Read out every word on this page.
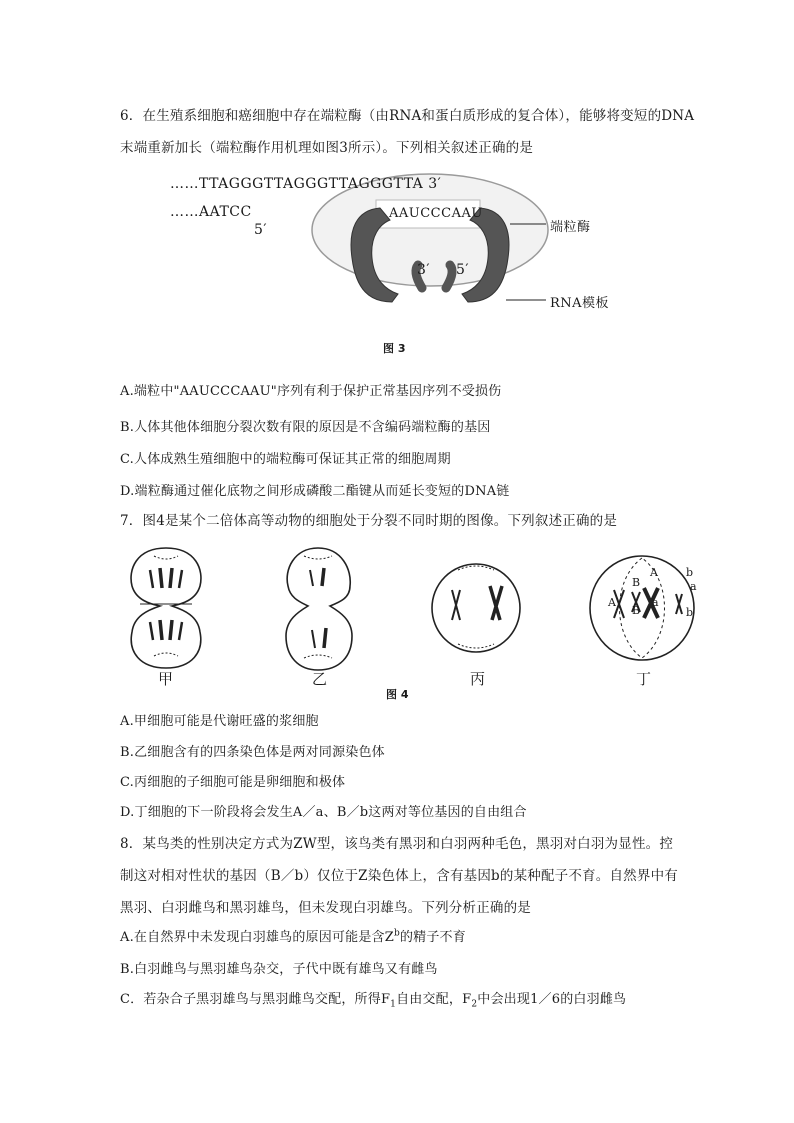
6．在生殖系细胞和癌细胞中存在端粒酶（由RNA和蛋白质形成的复合体），能够将变短的DNA
末端重新加长（端粒酶作用机理如图3所示）。下列相关叙述正确的是
……TTAGGGTTAGGGTTAGGGTTA 3′
……AATCC
5′
AAUCCCAAU
3′ 5′
端粒酶
RNA模板
图 3
A.端粒中"AAUCCCAAU"序列有利于保护正常基因序列不受损伤
B.人体其他体细胞分裂次数有限的原因是不含编码端粒酶的基因
C.人体成熟生殖细胞中的端粒酶可保证其正常的细胞周期
D.端粒酶通过催化底物之间形成磷酸二酯键从而延长变短的DNA链
7．图4是某个二倍体高等动物的细胞处于分裂不同时期的图像。下列叙述正确的是
A
B	a
A
B
a
b
b
甲	乙	丙	丁
图 4
A.甲细胞可能是代谢旺盛的浆细胞
B.乙细胞含有的四条染色体是两对同源染色体
C.丙细胞的子细胞可能是卵细胞和极体
D.丁细胞的下一阶段将会发生A／a、B／b这两对等位基因的自由组合
8．某鸟类的性别决定方式为ZW型，该鸟类有黑羽和白羽两种毛色，黑羽对白羽为显性。控
制这对相对性状的基因（B／b）仅位于Z染色体上，含有基因b的某种配子不育。自然界中有
黑羽、白羽雌鸟和黑羽雄鸟，但未发现白羽雄鸟。下列分析正确的是
A.在自然界中未发现白羽雄鸟的原因可能是含$Z^b$的精子不育
B.白羽雌鸟与黑羽雄鸟杂交，子代中既有雄鸟又有雌鸟
C．若杂合子黑羽雄鸟与黑羽雌鸟交配，所得$F_1$自由交配，$F_2$中会出现1／6的白羽雌鸟
